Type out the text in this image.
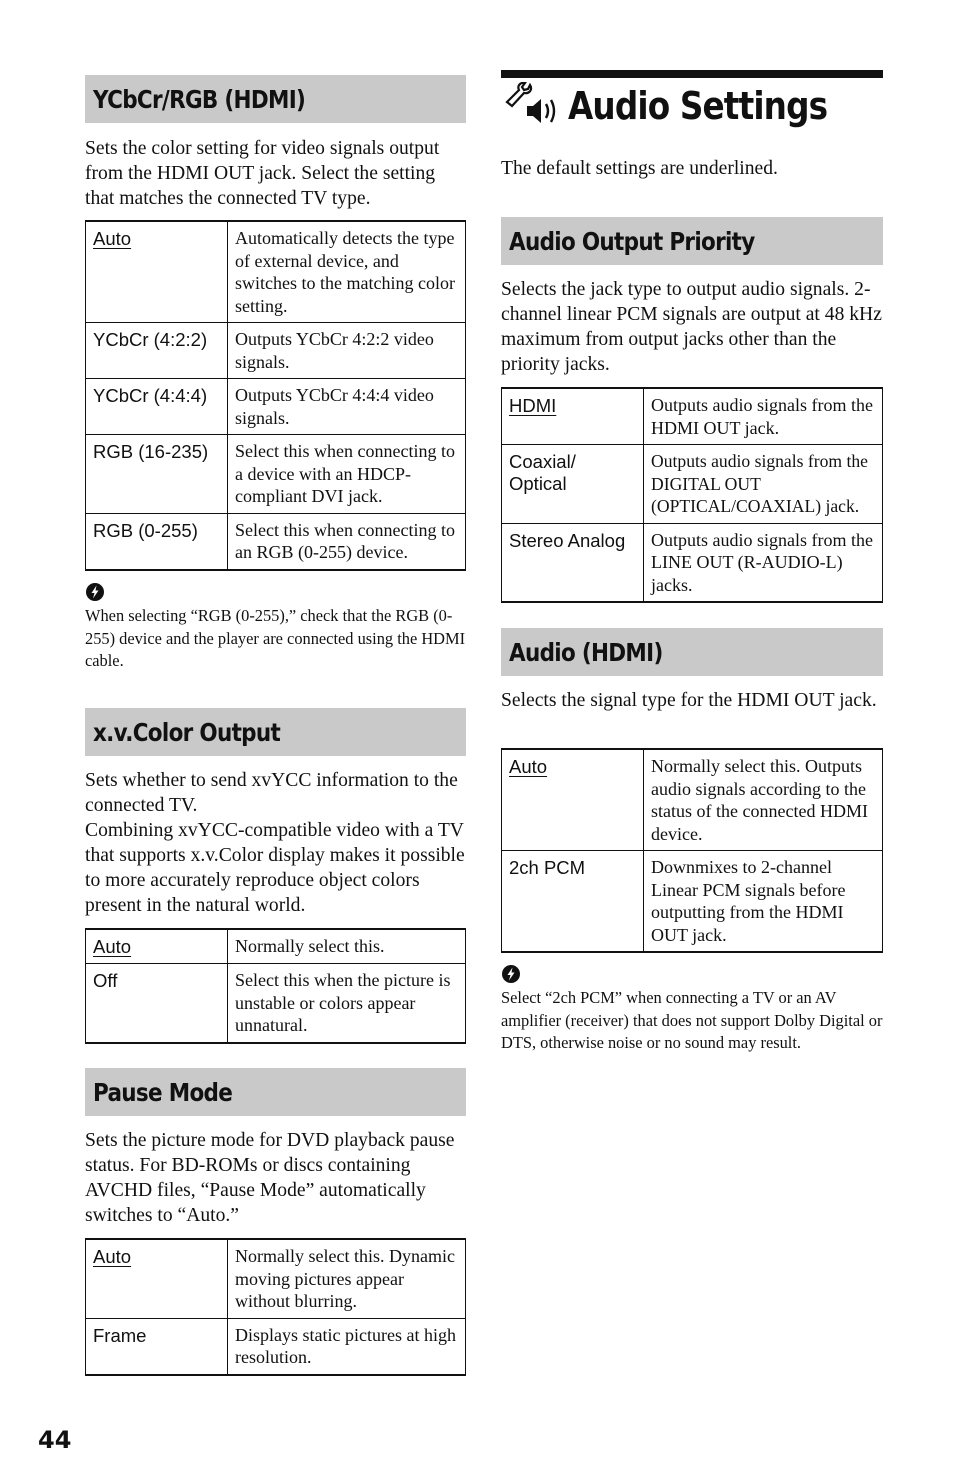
YCbCr/RGB (HDMI)

Sets the color setting for video signals output from the HDMI OUT jack. Select the setting that matches the connected TV type.

Auto	Automatically detects the type of external device, and switches to the matching color setting.
YCbCr (4:2:2)	Outputs YCbCr 4:2:2 video signals.
YCbCr (4:4:4)	Outputs YCbCr 4:4:4 video signals.
RGB (16-235)	Select this when connecting to a device with an HDCP-compliant DVI jack.
RGB (0-255)	Select this when connecting to an RGB (0-255) device.

When selecting “RGB (0-255),” check that the RGB (0-255) device and the player are connected using the HDMI cable.

x.v.Color Output

Sets whether to send xvYCC information to the connected TV.

Combining xvYCC-compatible video with a TV that supports x.v.Color display makes it possible to more accurately reproduce object colors present in the natural world.

Auto	Normally select this.
Off	Select this when the picture is unstable or colors appear unnatural.
Pause Mode

Sets the picture mode for DVD playback pause status. For BD-ROMs or discs containing AVCHD files, “Pause Mode” automatically switches to “Auto.”

Auto	Normally select this. Dynamic moving pictures appear without blurring.
Frame	Displays static pictures at high resolution.
Audio Settings

The default settings are underlined.

Audio Output Priority

Selects the jack type to output audio signals. 2-channel linear PCM signals are output at 48 kHz maximum from output jacks other than the priority jacks.

HDMI	Outputs audio signals from the HDMI OUT jack.
Coaxial/ Optical	Outputs audio signals from the DIGITAL OUT (OPTICAL/COAXIAL) jack.
Stereo Analog	Outputs audio signals from the LINE OUT (R-AUDIO-L) jacks.
Audio (HDMI)

Selects the signal type for the HDMI OUT jack.

Auto	Normally select this. Outputs audio signals according to the status of the connected HDMI device.
2ch PCM	Downmixes to 2-channel Linear PCM signals before outputting from the HDMI OUT jack.

Select “2ch PCM” when connecting a TV or an AV amplifier (receiver) that does not support Dolby Digital or DTS, otherwise noise or no sound may result.

44
